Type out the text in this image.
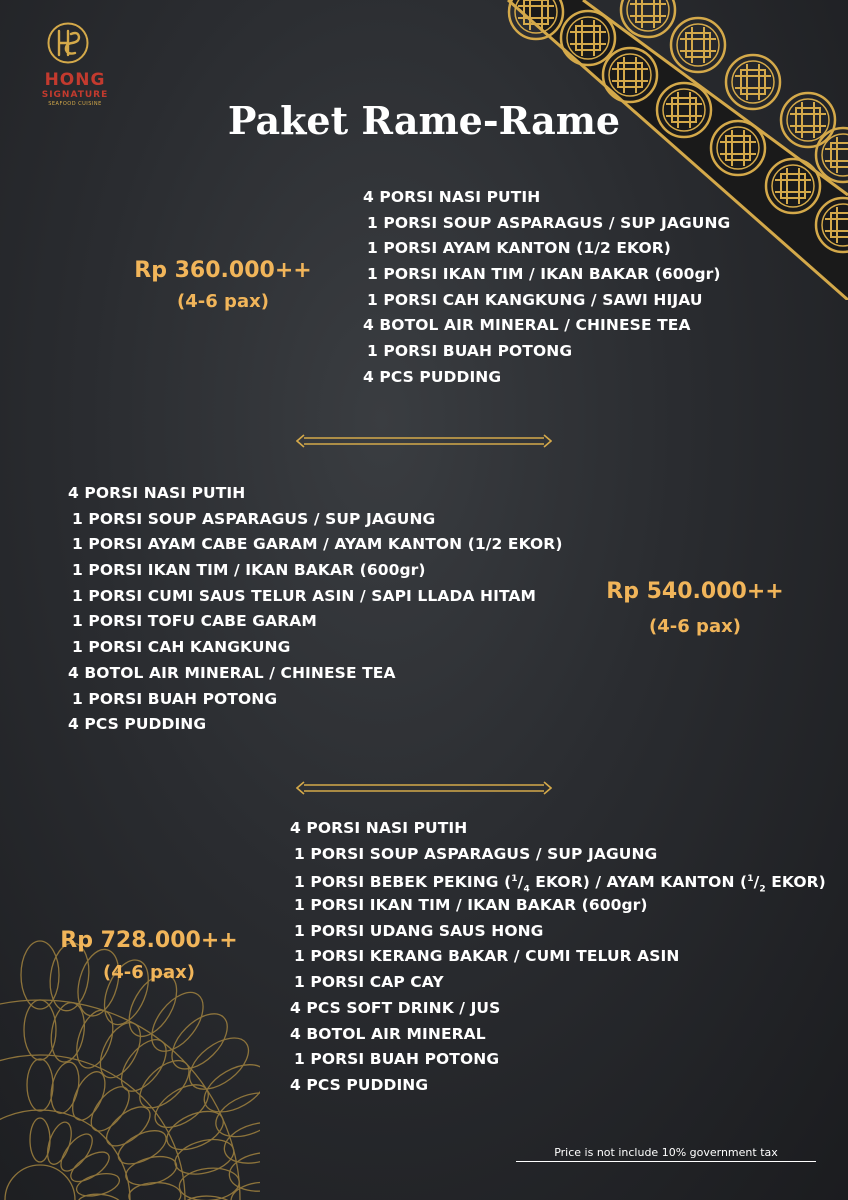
HONG
SIGNATURE
SEAFOOD CUISINE	Paket Rame-Rame
Rp 360.000++
(4-6 pax)
4 PORSI NASI PUTIH
1 PORSI SOUP ASPARAGUS / SUP JAGUNG
1 PORSI AYAM KANTON (1/2 EKOR)
1 PORSI IKAN TIM / IKAN BAKAR (600gr)
1 PORSI CAH KANGKUNG / SAWI HIJAU
4 BOTOL AIR MINERAL / CHINESE TEA
1 PORSI BUAH POTONG
4 PCS PUDDING
4 PORSI NASI PUTIH
1 PORSI SOUP ASPARAGUS / SUP JAGUNG
1 PORSI AYAM CABE GARAM / AYAM KANTON (1/2 EKOR)
1 PORSI IKAN TIM / IKAN BAKAR (600gr)
1 PORSI CUMI SAUS TELUR ASIN / SAPI LLADA HITAM
1 PORSI TOFU CABE GARAM
1 PORSI CAH KANGKUNG
4 BOTOL AIR MINERAL / CHINESE TEA
1 PORSI BUAH POTONG
4 PCS PUDDING
Rp 540.000++
(4-6 pax)
Rp 728.000++
(4-6 pax)
4 PORSI NASI PUTIH
1 PORSI SOUP ASPARAGUS / SUP JAGUNG
1 PORSI BEBEK PEKING ($^1/_4$ EKOR) / AYAM KANTON ($^1/_2$ EKOR)
1 PORSI IKAN TIM / IKAN BAKAR (600gr)
1 PORSI UDANG SAUS HONG
1 PORSI KERANG BAKAR / CUMI TELUR ASIN
1 PORSI CAP CAY
4 PCS SOFT DRINK / JUS
4 BOTOL AIR MINERAL
1 PORSI BUAH POTONG
4 PCS PUDDING
Price is not include 10% government tax
